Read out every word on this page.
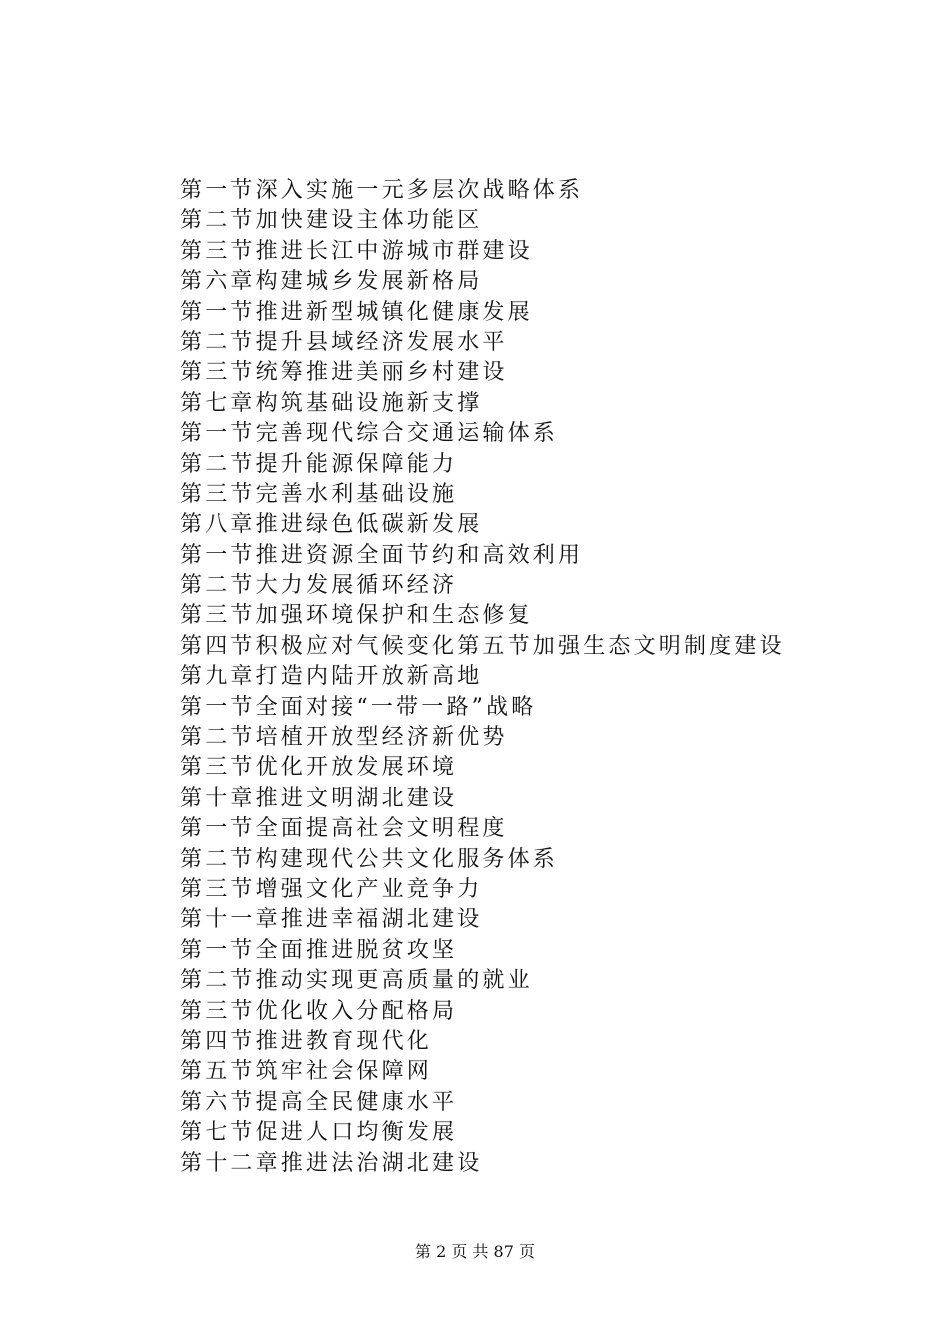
第一节深入实施一元多层次战略体系
第二节加快建设主体功能区
第三节推进长江中游城市群建设
第六章构建城乡发展新格局
第一节推进新型城镇化健康发展
第二节提升县域经济发展水平
第三节统筹推进美丽乡村建设
第七章构筑基础设施新支撑
第一节完善现代综合交通运输体系
第二节提升能源保障能力
第三节完善水利基础设施
第八章推进绿色低碳新发展
第一节推进资源全面节约和高效利用
第二节大力发展循环经济
第三节加强环境保护和生态修复
第四节积极应对气候变化第五节加强生态文明制度建设
第九章打造内陆开放新高地
第一节全面对接“一带一路”战略
第二节培植开放型经济新优势
第三节优化开放发展环境
第十章推进文明湖北建设
第一节全面提高社会文明程度
第二节构建现代公共文化服务体系
第三节增强文化产业竞争力
第十一章推进幸福湖北建设
第一节全面推进脱贫攻坚
第二节推动实现更高质量的就业
第三节优化收入分配格局
第四节推进教育现代化
第五节筑牢社会保障网
第六节提高全民健康水平
第七节促进人口均衡发展
第十二章推进法治湖北建设
第 2 页 共 87 页
